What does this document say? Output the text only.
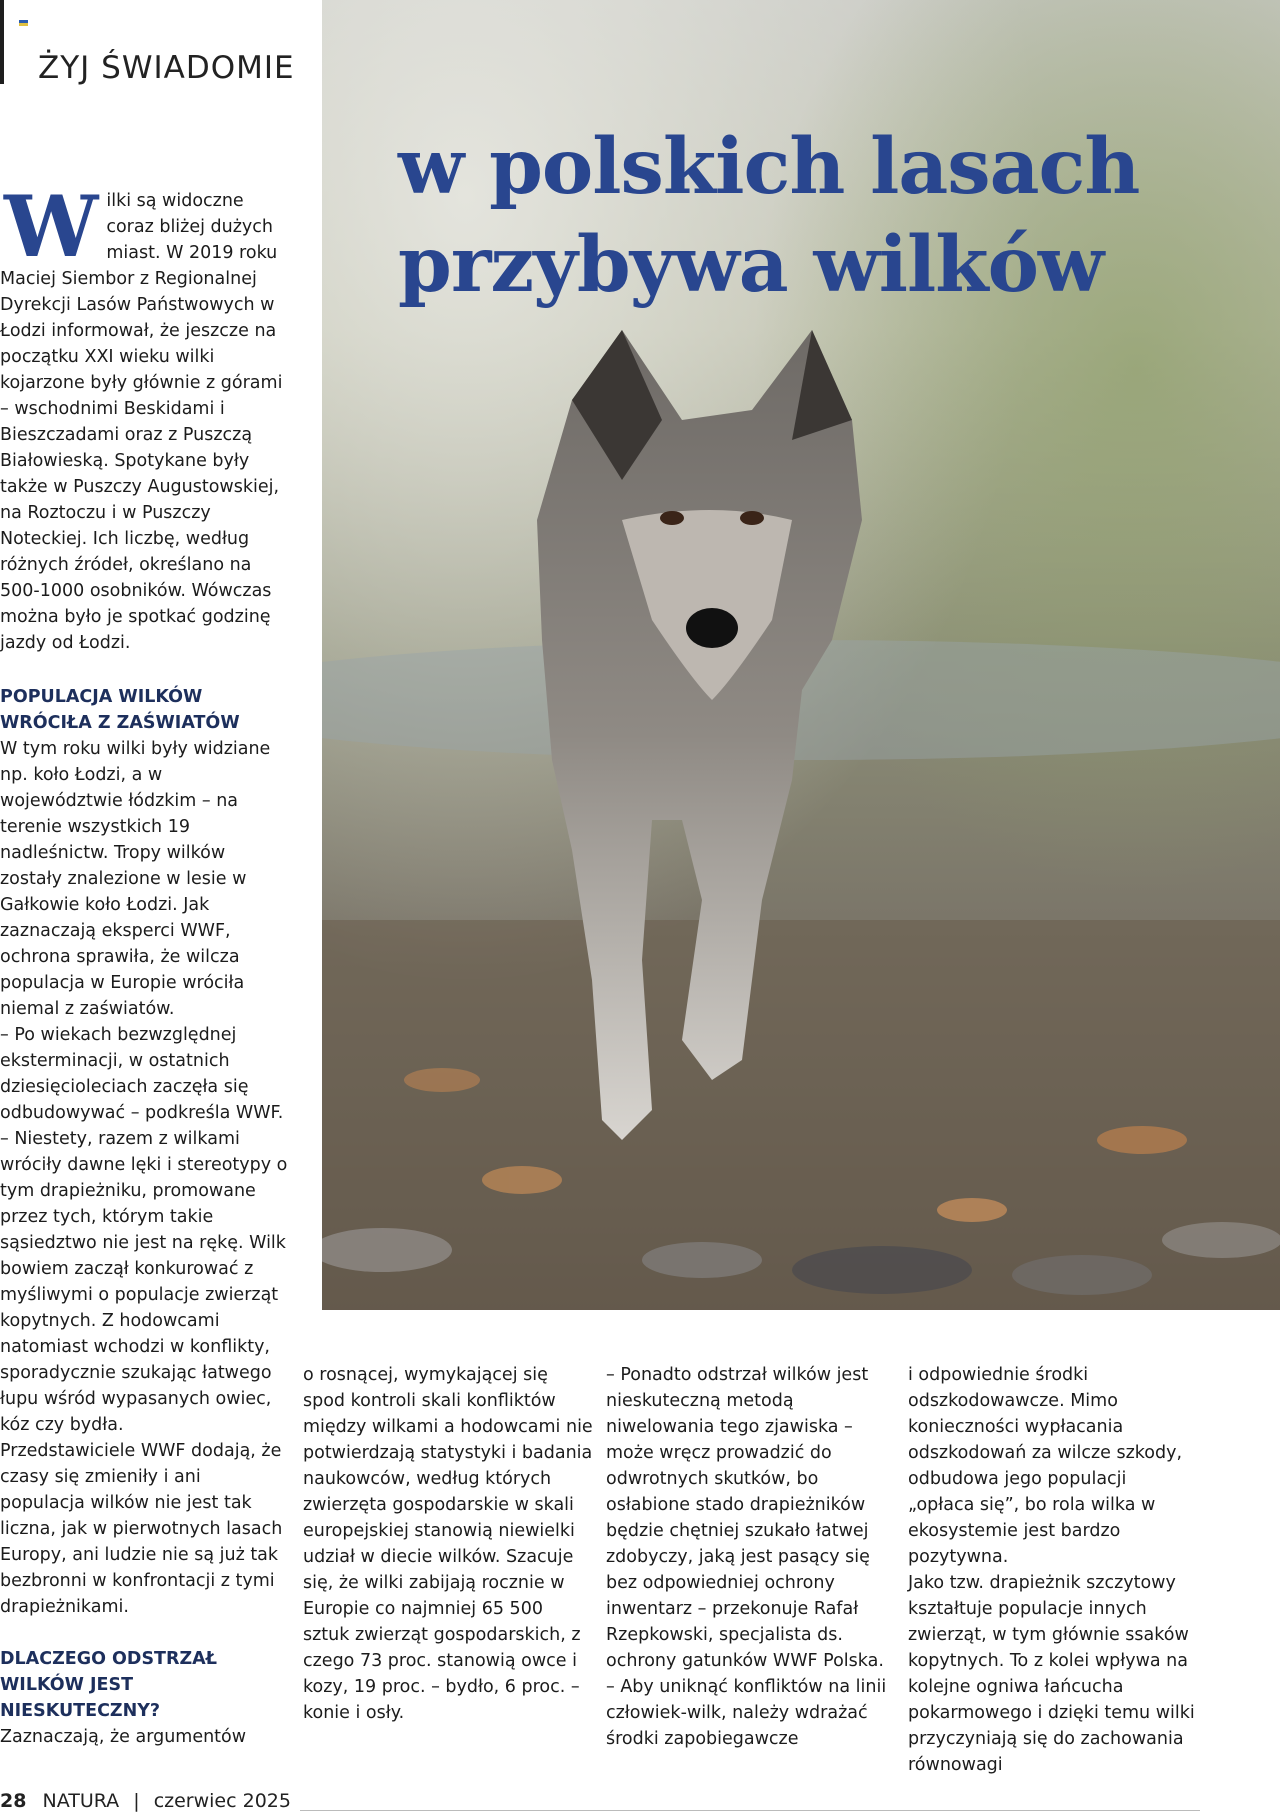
ŻYJ ŚWIADOMIE
w polskich lasach
przybywa wilków
W ilki są widoczne coraz bliżej dużych miast. W 2019 roku Maciej Siembor z Regionalnej Dyrekcji Lasów Państwowych w Łodzi informował, że jeszcze na początku XXI wieku wilki kojarzone były głównie z górami – wschodnimi Beskidami i Bieszczadami oraz z Puszczą Białowieską. Spotykane były także w Puszczy Augustowskiej, na Roztoczu i w Puszczy Noteckiej. Ich liczbę, według różnych źródeł, określano na 500-1000 osobników. Wówczas można było je spotkać godzinę jazdy od Łodzi.

POPULACJA WILKÓW WRÓCIŁA Z ZAŚWIATÓW

W tym roku wilki były widziane np. koło Łodzi, a w województwie łódzkim – na terenie wszystkich 19 nadleśnictw. Tropy wilków zostały znalezione w lesie w Gałkowie koło Łodzi. Jak zaznaczają eksperci WWF, ochrona sprawiła, że wilcza populacja w Europie wróciła niemal z zaświatów.

– Po wiekach bezwzględnej eksterminacji, w ostatnich dziesięcioleciach zaczęła się odbudowywać – podkreśla WWF. – Niestety, razem z wilkami wróciły dawne lęki i stereotypy o tym drapieżniku, promowane przez tych, którym takie sąsiedztwo nie jest na rękę. Wilk bowiem zaczął konkurować z myśliwymi o populacje zwierząt kopytnych. Z hodowcami natomiast wchodzi w konflikty, sporadycznie szukając łatwego łupu wśród wypasanych owiec, kóz czy bydła.

Przedstawiciele WWF dodają, że czasy się zmieniły i ani populacja wilków nie jest tak liczna, jak w pierwotnych lasach Europy, ani ludzie nie są już tak bezbronni w konfrontacji z tymi drapieżnikami.

DLACZEGO ODSTRZAŁ WILKÓW JEST NIESKUTECZNY?

Zaznaczają, że argumentów

o rosnącej, wymykającej się spod kontroli skali konfliktów między wilkami a hodowcami nie potwierdzają statystyki i badania naukowców, według których zwierzęta gospodarskie w skali europejskiej stanowią niewielki udział w diecie wilków. Szacuje się, że wilki zabijają rocznie w Europie co najmniej 65 500 sztuk zwierząt gospodarskich, z czego 73 proc. stanowią owce i kozy, 19 proc. – bydło, 6 proc. – konie i osły.

– Ponadto odstrzał wilków jest nieskuteczną metodą niwelowania tego zjawiska – może wręcz prowadzić do odwrotnych skutków, bo osłabione stado drapieżników będzie chętniej szukało łatwej zdobyczy, jaką jest pasący się bez odpowiedniej ochrony inwentarz – przekonuje Rafał Rzepkowski, specjalista ds. ochrony gatunków WWF Polska. – Aby uniknąć konfliktów na linii człowiek-wilk, należy wdrażać środki zapobiegawcze

i odpowiednie środki odszkodowawcze. Mimo konieczności wypłacania odszkodowań za wilcze szkody, odbudowa jego populacji „opłaca się”, bo rola wilka w ekosystemie jest bardzo pozytywna.

Jako tzw. drapieżnik szczytowy kształtuje populacje innych zwierząt, w tym głównie ssaków kopytnych. To z kolei wpływa na kolejne ogniwa łańcucha pokarmowego i dzięki temu wilki przyczyniają się do zachowania równowagi

28 NATURA | czerwiec 2025
